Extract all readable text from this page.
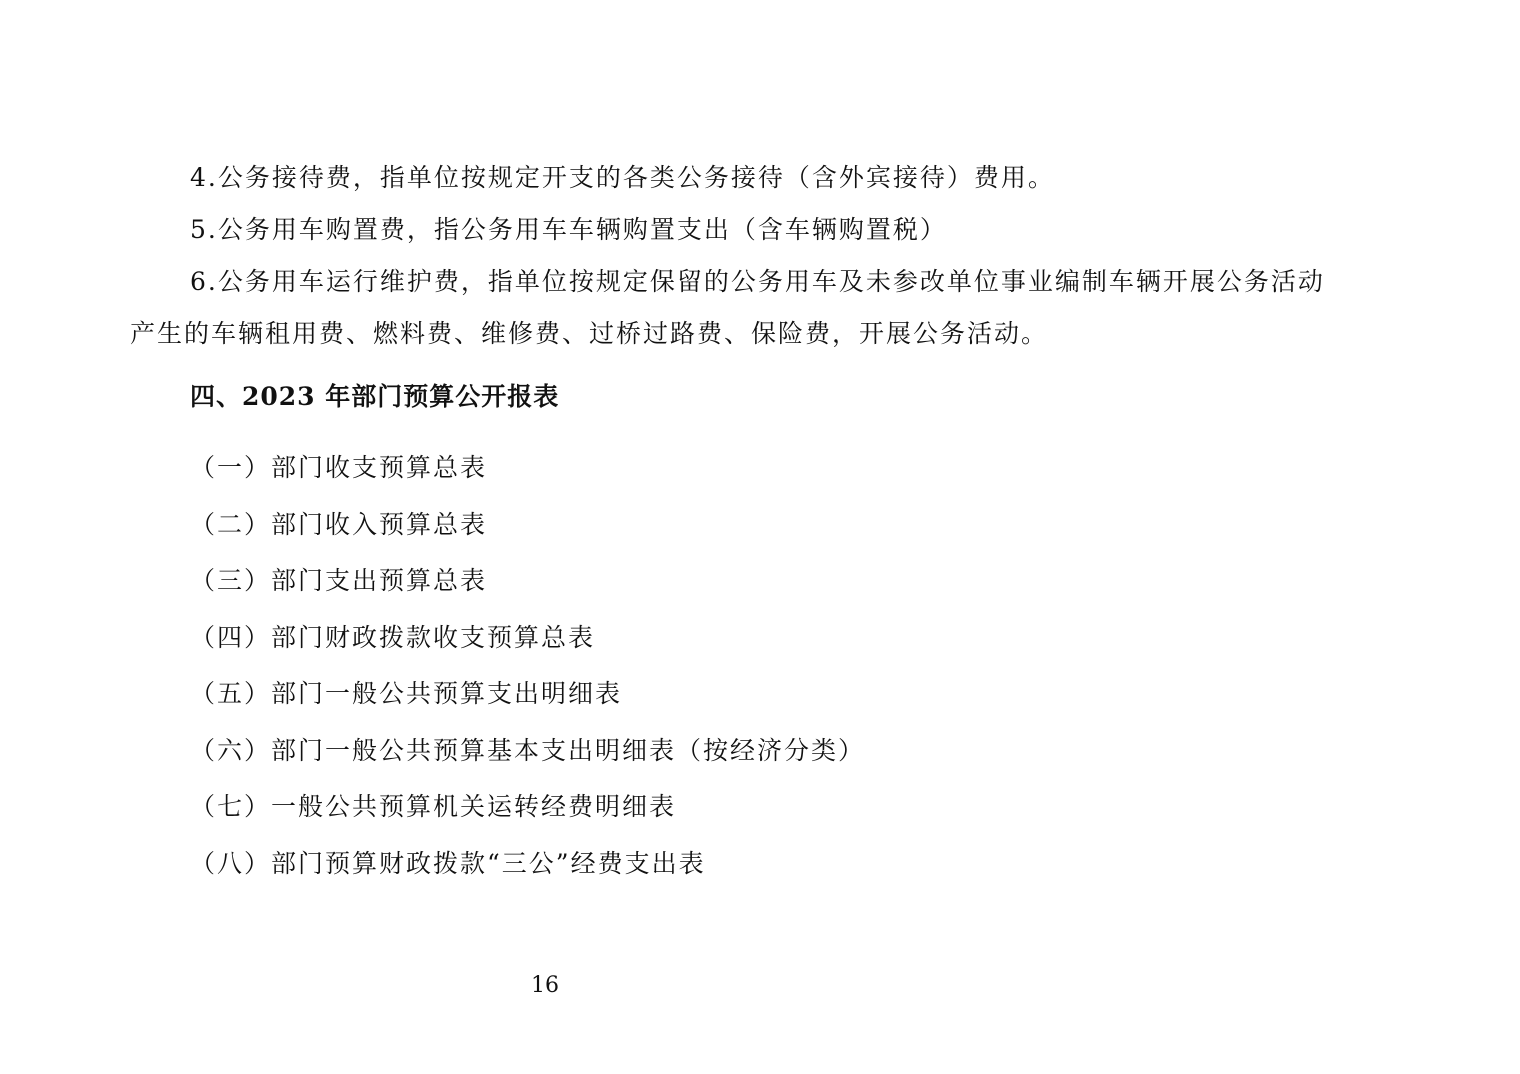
4.公务接待费，指单位按规定开支的各类公务接待（含外宾接待）费用。
5.公务用车购置费，指公务用车车辆购置支出（含车辆购置税）
6.公务用车运行维护费，指单位按规定保留的公务用车及未参改单位事业编制车辆开展公务活动
产生的车辆租用费、燃料费、维修费、过桥过路费、保险费，开展公务活动。
四、2023 年部门预算公开报表
（一）部门收支预算总表
（二）部门收入预算总表
（三）部门支出预算总表
（四）部门财政拨款收支预算总表
（五）部门一般公共预算支出明细表
（六）部门一般公共预算基本支出明细表（按经济分类）
（七）一般公共预算机关运转经费明细表
（八）部门预算财政拨款“三公”经费支出表
16
